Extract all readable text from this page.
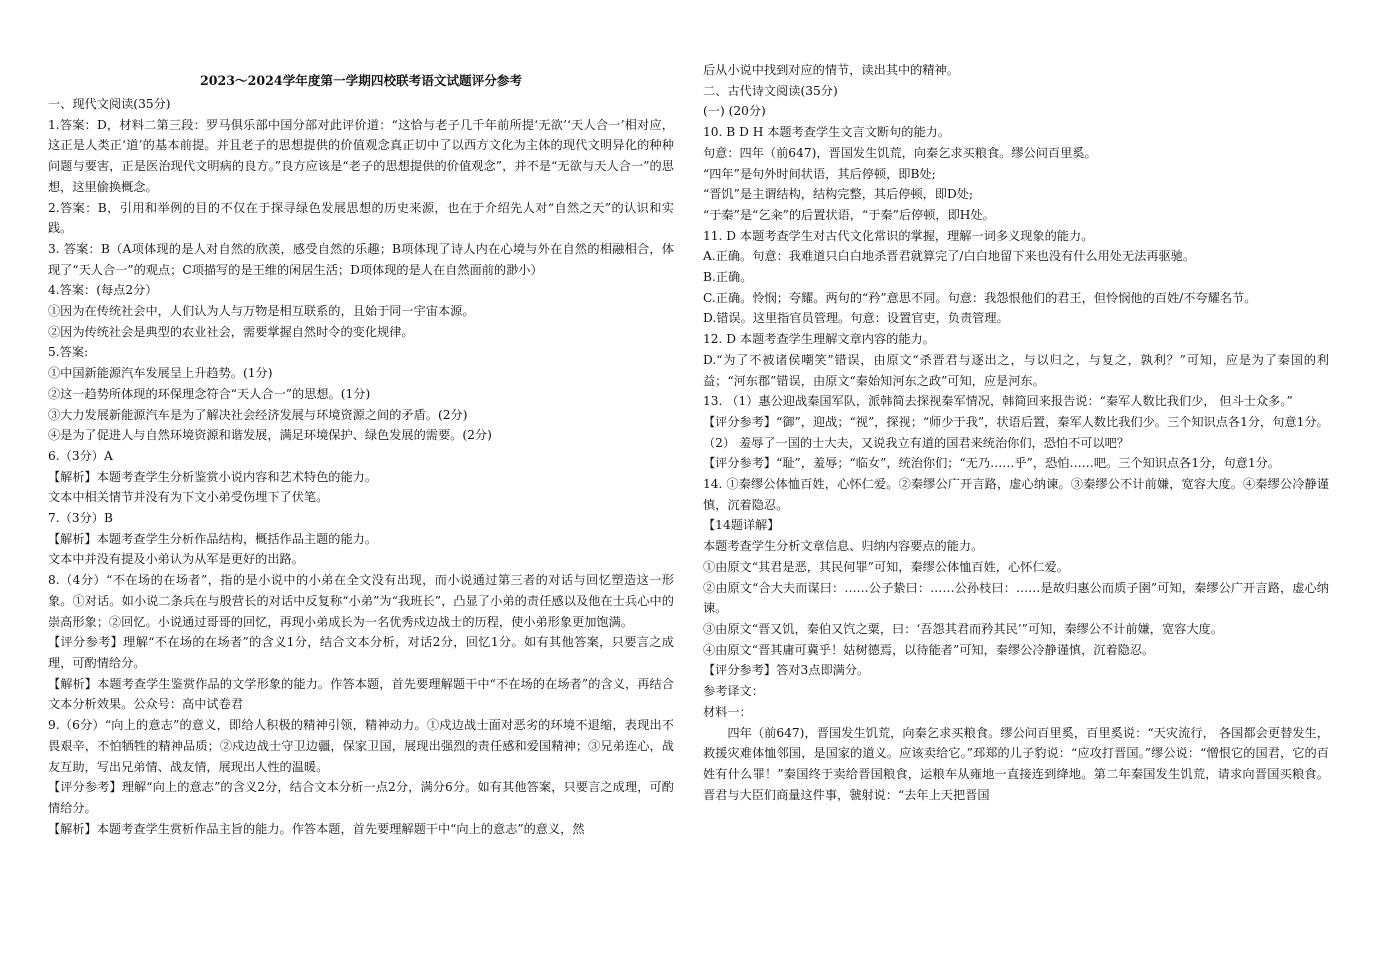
2023～2024学年度第一学期四校联考语文试题评分参考

一、现代文阅读(35分)

1.答案：D，材料二第三段：罗马俱乐部中国分部对此评价道：“这恰与老子几千年前所提‘无欲’‘天人合一’相对应，这正是人类正‘道’的基本前提。并且老子的思想提供的价值观念真正切中了以西方文化为主体的现代文明异化的种种问题与要害，正是医治现代文明病的良方。”良方应该是“老子的思想提供的价值观念”，并不是“无欲与天人合一”的思想，这里偷换概念。

2.答案：B，引用和举例的目的不仅在于探寻绿色发展思想的历史来源，也在于介绍先人对“自然之天”的认识和实践。

3. 答案：B（A项体现的是人对自然的欣羡，感受自然的乐趣；B项体现了诗人内在心境与外在自然的相融相合，体现了“天人合一”的观点；C项描写的是王维的闲居生活；D项体现的是人在自然面前的渺小）

4.答案：(每点2分）

①因为在传统社会中，人们认为人与万物是相互联系的，且始于同一宇宙本源。

②因为传统社会是典型的农业社会，需要掌握自然时令的变化规律。

5.答案:

①中国新能源汽车发展呈上升趋势。(1分)

②这一趋势所体现的环保理念符合“天人合一”的思想。(1分)

③大力发展新能源汽车是为了解决社会经济发展与环境资源之间的矛盾。(2分)

④是为了促进人与自然环境资源和谐发展，满足环境保护、绿色发展的需要。(2分)

6.（3分）A

【解析】本题考查学生分析鉴赏小说内容和艺术特色的能力。

文本中相关情节并没有为下文小弟受伤埋下了伏笔。

7.（3分）B

【解析】本题考查学生分析作品结构，概括作品主题的能力。

文本中并没有提及小弟认为从军是更好的出路。

8.（4分）“不在场的在场者”，指的是小说中的小弟在全文没有出现，而小说通过第三者的对话与回忆塑造这一形象。①对话。如小说二条兵在与殷营长的对话中反复称“小弟”为“我班长”，凸显了小弟的责任感以及他在士兵心中的崇高形象；②回忆。小说通过哥哥的回忆，再现小弟成长为一名优秀戍边战士的历程，使小弟形象更加饱满。

【评分参考】理解“不在场的在场者”的含义1分，结合文本分析，对话2分，回忆1分。如有其他答案，只要言之成理，可酌情给分。

【解析】本题考查学生鉴赏作品的文学形象的能力。作答本题，首先要理解题干中“不在场的在场者”的含义，再结合文本分析效果。公众号：高中试卷君

9.（6分）“向上的意志”的意义，即给人积极的精神引领，精神动力。①戍边战士面对恶劣的环境不退缩，表现出不畏艰辛，不怕牺牲的精神品质；②戍边战士守卫边疆，保家卫国，展现出强烈的责任感和爱国精神；③兄弟连心，战友互助，写出兄弟情、战友情，展现出人性的温暖。

【评分参考】理解“向上的意志”的含义2分，结合文本分析一点2分，满分6分。如有其他答案，只要言之成理，可酌情给分。

【解析】本题考查学生赏析作品主旨的能力。作答本题，首先要理解题干中“向上的意志”的意义，然

后从小说中找到对应的情节，读出其中的精神。

二、古代诗文阅读(35分)

(一) (20分)

10. B D H 本题考查学生文言文断句的能力。

句意：四年（前647)，晋国发生饥荒，向秦乞求买粮食。缪公问百里奚。

“四年”是句外时间状语，其后停顿，即B处;

“晋饥”是主谓结构，结构完整，其后停顿，即D处;

“于秦”是“乞籴”的后置状语，“于秦”后停顿，即H处。

11. D 本题考查学生对古代文化常识的掌握，理解一词多义现象的能力。

A.正确。句意：我难道只白白地杀晋君就算完了/白白地留下来也没有什么用处无法再驱驰。

B.正确。

C.正确。怜悯；夸耀。两句的“矜”意思不同。句意：我怨恨他们的君王，但怜悯他的百姓/不夸耀名节。

D.错误。这里指官员管理。句意：设置官吏，负责管理。

12. D 本题考查学生理解文章内容的能力。

D.“为了不被诸侯嘲笑”错误，由原文“杀晋君与逐出之，与以归之，与复之，孰利？”可知，应是为了秦国的利益；“河东郡”错误，由原文“秦始知河东之政”可知，应是河东。

13. （1）惠公迎战秦国军队，派韩简去探视秦军情况，韩简回来报告说：“秦军人数比我们少， 但斗士众多。”

【评分参考】“御”，迎战；“视”，探视；“师少于我”，状语后置，秦军人数比我们少。三个知识点各1分，句意1分。

（2） 羞辱了一国的士大夫，又说我立有道的国君来统治你们，恐怕不可以吧？

【评分参考】“耻”，羞辱；“临女”，统治你们；“无乃……乎”，恐怕……吧。三个知识点各1分，句意1分。

14. ①秦缪公体恤百姓，心怀仁爱。②秦缪公广开言路，虚心纳谏。③秦缪公不计前嫌，宽容大度。④秦缪公冷静谨慎，沉着隐忍。

【14题详解】

本题考查学生分析文章信息、归纳内容要点的能力。

①由原文“其君是恶，其民何罪”可知，秦缪公体恤百姓，心怀仁爱。

②由原文“合大夫而谋曰：……公子絷曰：……公孙枝曰：……是故归惠公而质子圉”可知，秦缪公广开言路，虚心纳谏。

③由原文“晋又饥，秦伯又饩之粟，曰：‘吾怨其君而矜其民’”可知，秦缪公不计前嫌，宽容大度。

④由原文“晋其庸可冀乎！姑树德焉，以待能者”可知，秦缪公冷静谨慎，沉着隐忍。

【评分参考】答对3点即满分。

参考译文：

材料一：

四年（前647)，晋国发生饥荒，向秦乞求买粮食。缪公问百里奚，百里奚说：“天灾流行， 各国都会更替发生，救援灾难体恤邻国，是国家的道义。应该卖给它。”邳郑的儿子豹说：“应攻打晋国。”缪公说：“憎恨它的国君，它的百姓有什么罪！”秦国终于卖给晋国粮食，运粮车从雍地一直接连到绛地。第二年秦国发生饥荒，请求向晋国买粮食。晋君与大臣们商量这件事，虢射说：“去年上天把晋国
